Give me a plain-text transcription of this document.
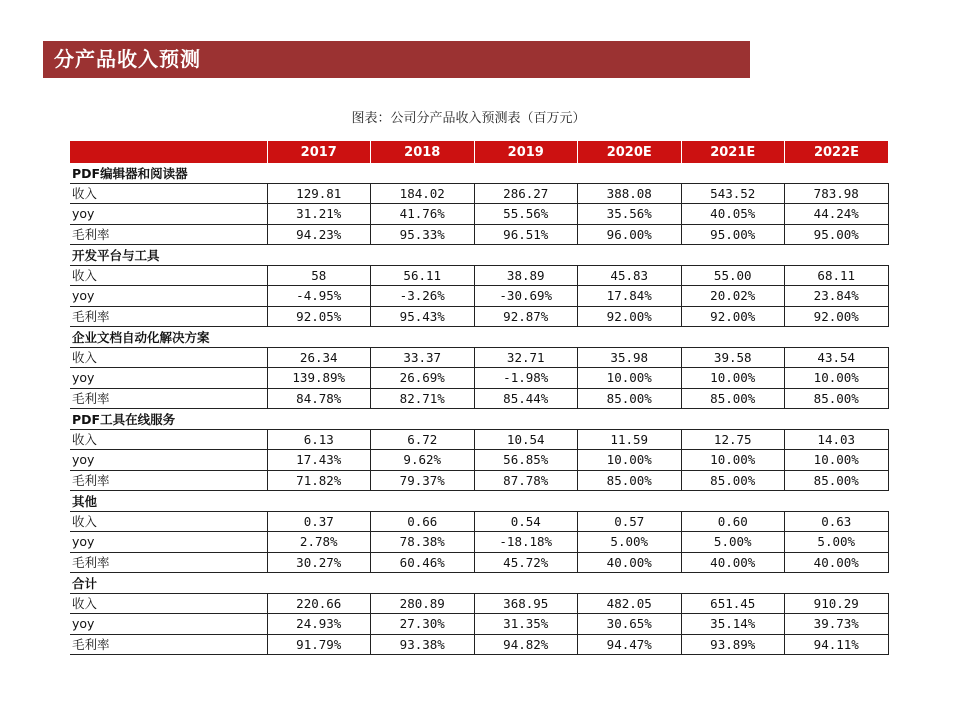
分产品收入预测
图表：公司分产品收入预测表（百万元）
	2017	2018	2019	2020E	2021E	2022E
PDF编辑器和阅读器						
收入	129.81	184.02	286.27	388.08	543.52	783.98
yoy	31.21%	41.76%	55.56%	35.56%	40.05%	44.24%
毛利率	94.23%	95.33%	96.51%	96.00%	95.00%	95.00%
开发平台与工具						
收入	58	56.11	38.89	45.83	55.00	68.11
yoy	-4.95%	-3.26%	-30.69%	17.84%	20.02%	23.84%
毛利率	92.05%	95.43%	92.87%	92.00%	92.00%	92.00%
企业文档自动化解决方案						
收入	26.34	33.37	32.71	35.98	39.58	43.54
yoy	139.89%	26.69%	-1.98%	10.00%	10.00%	10.00%
毛利率	84.78%	82.71%	85.44%	85.00%	85.00%	85.00%
PDF工具在线服务						
收入	6.13	6.72	10.54	11.59	12.75	14.03
yoy	17.43%	9.62%	56.85%	10.00%	10.00%	10.00%
毛利率	71.82%	79.37%	87.78%	85.00%	85.00%	85.00%
其他						
收入	0.37	0.66	0.54	0.57	0.60	0.63
yoy	2.78%	78.38%	-18.18%	5.00%	5.00%	5.00%
毛利率	30.27%	60.46%	45.72%	40.00%	40.00%	40.00%
合计						
收入	220.66	280.89	368.95	482.05	651.45	910.29
yoy	24.93%	27.30%	31.35%	30.65%	35.14%	39.73%
毛利率	91.79%	93.38%	94.82%	94.47%	93.89%	94.11%
